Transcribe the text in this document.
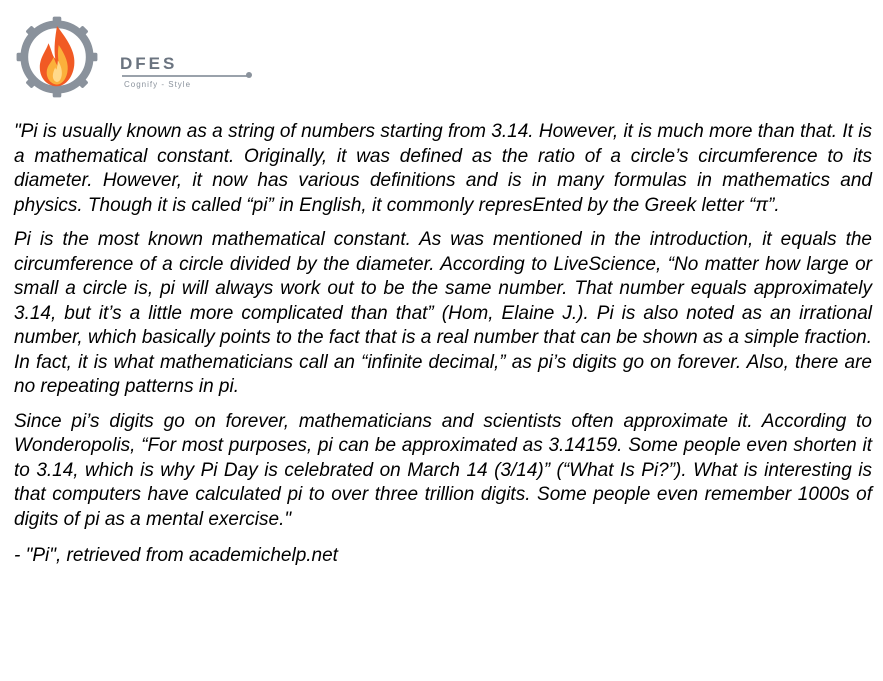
DFES
Cognify - Style

"Pi is usually known as a string of numbers starting from 3.14. However, it is much more than that. It is a mathematical constant. Originally, it was defined as the ratio of a circle’s circumference to its diameter. However, it now has various definitions and is in many formulas in mathematics and physics. Though it is called “pi” in English, it commonly represEnted by the Greek letter “π”.

Pi is the most known mathematical constant. As was mentioned in the introduction, it equals the circumference of a circle divided by the diameter. According to LiveScience, “No matter how large or small a circle is, pi will always work out to be the same number. That number equals approximately 3.14, but it’s a little more complicated than that” (Hom, Elaine J.). Pi is also noted as an irrational number, which basically points to the fact that is a real number that can be shown as a simple fraction. In fact, it is what mathematicians call an “infinite decimal,” as pi’s digits go on forever. Also, there are no repeating patterns in pi.

Since pi’s digits go on forever, mathematicians and scientists often approximate it. According to Wonderopolis, “For most purposes, pi can be approximated as 3.14159. Some people even shorten it to 3.14, which is why Pi Day is celebrated on March 14 (3/14)” (“What Is Pi?”). What is interesting is that computers have calculated pi to over three trillion digits. Some people even remember 1000s of digits of pi as a mental exercise."

- "Pi", retrieved from academichelp.net
